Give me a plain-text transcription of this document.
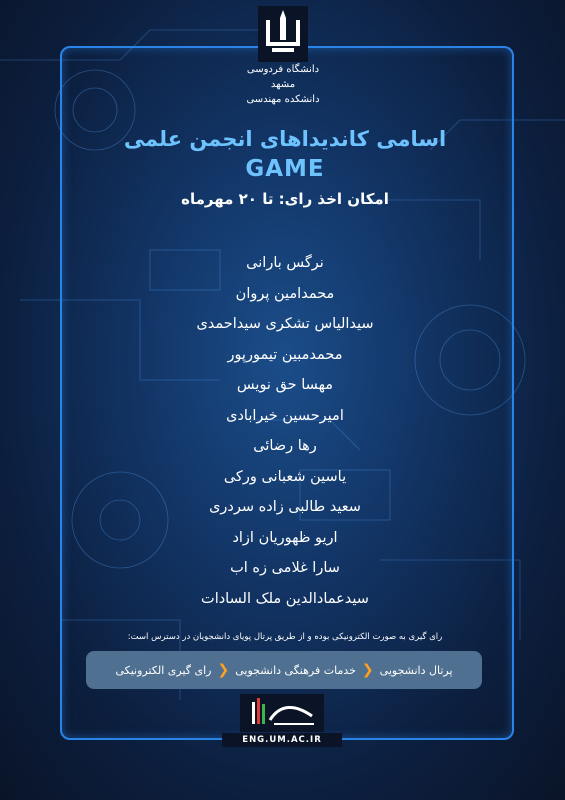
دانشگاه فردوسی مشهد
دانشکده مهندسی
اسامی کاندیداهای انجمن علمی
GAME
امکان اخذ رای: تا ۲۰ مهرماه
نرگس بارانی
محمدامین پروان
سیدالیاس تشکری سیداحمدی
محمدمبین تیمورپور
مهسا حق نویس
امیرحسین خیرابادی
رها رضائی
یاسین شعبانی ورکی
سعید طالبی زاده سردری
اریو ظهوریان ازاد
سارا غلامی زه اب
سیدعمادالدین ملک السادات
رای گیری به صورت الکترونیکی بوده و از طریق پرتال پویای دانشجویان در دسترس است:
پرتال دانشجویی
❮
خدمات فرهنگی دانشجویی
❮
رای گیری الکترونیکی
ENG.UM.AC.IR
